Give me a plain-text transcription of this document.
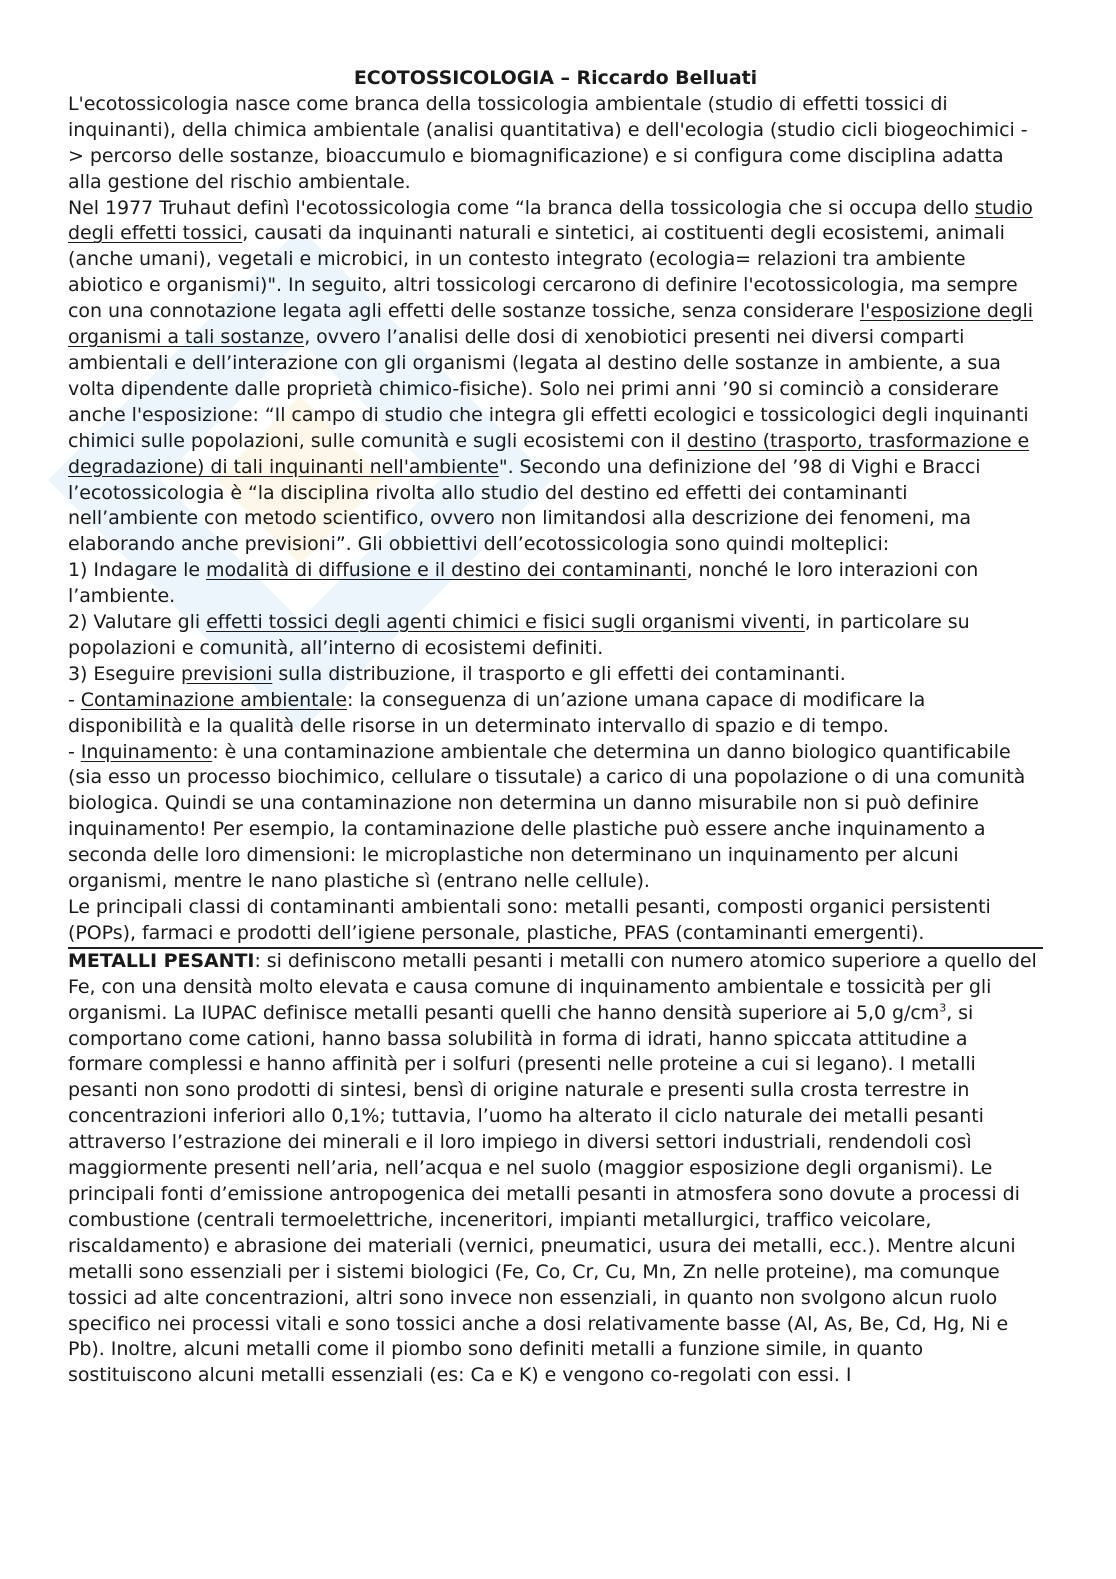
ECOTOSSICOLOGIA – Riccardo Belluati

L'ecotossicologia nasce come branca della tossicologia ambientale (studio di effetti tossici di inquinanti), della chimica ambientale (analisi quantitativa) e dell'ecologia (studio cicli biogeochimici -> percorso delle sostanze, bioaccumulo e biomagnificazione) e si configura come disciplina adatta alla gestione del rischio ambientale.

Nel 1977 Truhaut definì l'ecotossicologia come “la branca della tossicologia che si occupa dello studio degli effetti tossici, causati da inquinanti naturali e sintetici, ai costituenti degli ecosistemi, animali (anche umani), vegetali e microbici, in un contesto integrato (ecologia= relazioni tra ambiente abiotico e organismi)". In seguito, altri tossicologi cercarono di definire l'ecotossicologia, ma sempre con una connotazione legata agli effetti delle sostanze tossiche, senza considerare l'esposizione degli organismi a tali sostanze, ovvero l’analisi delle dosi di xenobiotici presenti nei diversi comparti ambientali e dell’interazione con gli organismi (legata al destino delle sostanze in ambiente, a sua volta dipendente dalle proprietà chimico-fisiche). Solo nei primi anni ’90 si cominciò a considerare anche l'esposizione: “Il campo di studio che integra gli effetti ecologici e tossicologici degli inquinanti chimici sulle popolazioni, sulle comunità e sugli ecosistemi con il destino (trasporto, trasformazione e degradazione) di tali inquinanti nell'ambiente". Secondo una definizione del ’98 di Vighi e Bracci l’ecotossicologia è “la disciplina rivolta allo studio del destino ed effetti dei contaminanti nell’ambiente con metodo scientifico, ovvero non limitandosi alla descrizione dei fenomeni, ma elaborando anche previsioni”. Gli obbiettivi dell’ecotossicologia sono quindi molteplici:

1) Indagare le modalità di diffusione e il destino dei contaminanti, nonché le loro interazioni con l’ambiente.

2) Valutare gli effetti tossici degli agenti chimici e fisici sugli organismi viventi, in particolare su popolazioni e comunità, all’interno di ecosistemi definiti.

3) Eseguire previsioni sulla distribuzione, il trasporto e gli effetti dei contaminanti.

- Contaminazione ambientale: la conseguenza di un’azione umana capace di modificare la disponibilità e la qualità delle risorse in un determinato intervallo di spazio e di tempo.

- Inquinamento: è una contaminazione ambientale che determina un danno biologico quantificabile (sia esso un processo biochimico, cellulare o tissutale) a carico di una popolazione o di una comunità biologica. Quindi se una contaminazione non determina un danno misurabile non si può definire inquinamento! Per esempio, la contaminazione delle plastiche può essere anche inquinamento a seconda delle loro dimensioni: le microplastiche non determinano un inquinamento per alcuni organismi, mentre le nano plastiche sì (entrano nelle cellule).

Le principali classi di contaminanti ambientali sono: metalli pesanti, composti organici persistenti (POPs), farmaci e prodotti dell’igiene personale, plastiche, PFAS (contaminanti emergenti).

METALLI PESANTI: si definiscono metalli pesanti i metalli con numero atomico superiore a quello del Fe, con una densità molto elevata e causa comune di inquinamento ambientale e tossicità per gli organismi. La IUPAC definisce metalli pesanti quelli che hanno densità superiore ai 5,0 $g/cm^3$, si comportano come cationi, hanno bassa solubilità in forma di idrati, hanno spiccata attitudine a formare complessi e hanno affinità per i solfuri (presenti nelle proteine a cui si legano). I metalli pesanti non sono prodotti di sintesi, bensì di origine naturale e presenti sulla crosta terrestre in concentrazioni inferiori allo 0,1%; tuttavia, l’uomo ha alterato il ciclo naturale dei metalli pesanti attraverso l’estrazione dei minerali e il loro impiego in diversi settori industriali, rendendoli così maggiormente presenti nell’aria, nell’acqua e nel suolo (maggior esposizione degli organismi). Le principali fonti d’emissione antropogenica dei metalli pesanti in atmosfera sono dovute a processi di combustione (centrali termoelettriche, inceneritori, impianti metallurgici, traffico veicolare, riscaldamento) e abrasione dei materiali (vernici, pneumatici, usura dei metalli, ecc.). Mentre alcuni metalli sono essenziali per i sistemi biologici (Fe, Co, Cr, Cu, Mn, Zn nelle proteine), ma comunque tossici ad alte concentrazioni, altri sono invece non essenziali, in quanto non svolgono alcun ruolo specifico nei processi vitali e sono tossici anche a dosi relativamente basse (Al, As, Be, Cd, Hg, Ni e Pb). Inoltre, alcuni metalli come il piombo sono definiti metalli a funzione simile, in quanto sostituiscono alcuni metalli essenziali (es: Ca e K) e vengono co-regolati con essi. I
